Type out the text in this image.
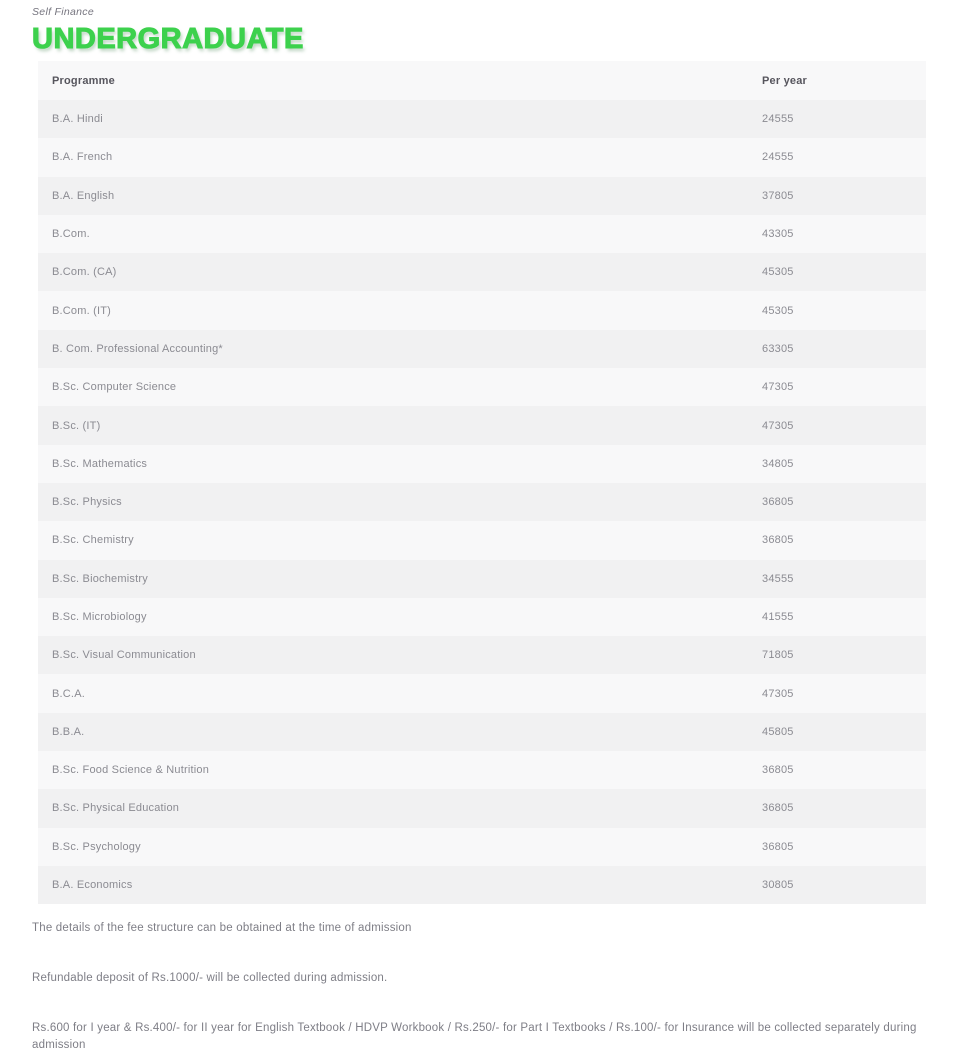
Self Finance
UNDERGRADUATE
Programme	Per year
B.A. Hindi	24555
B.A. French	24555
B.A. English	37805
B.Com.	43305
B.Com. (CA)	45305
B.Com. (IT)	45305
B. Com. Professional Accounting*	63305
B.Sc. Computer Science	47305
B.Sc. (IT)	47305
B.Sc. Mathematics	34805
B.Sc. Physics	36805
B.Sc. Chemistry	36805
B.Sc. Biochemistry	34555
B.Sc. Microbiology	41555
B.Sc. Visual Communication	71805
B.C.A.	47305
B.B.A.	45805
B.Sc. Food Science & Nutrition	36805
B.Sc. Physical Education	36805
B.Sc. Psychology	36805
B.A. Economics	30805

The details of the fee structure can be obtained at the time of admission

Refundable deposit of Rs.1000/- will be collected during admission.

Rs.600 for I year & Rs.400/- for II year for English Textbook / HDVP Workbook / Rs.250/- for Part I Textbooks / Rs.100/- for Insurance will be collected separately during admission
